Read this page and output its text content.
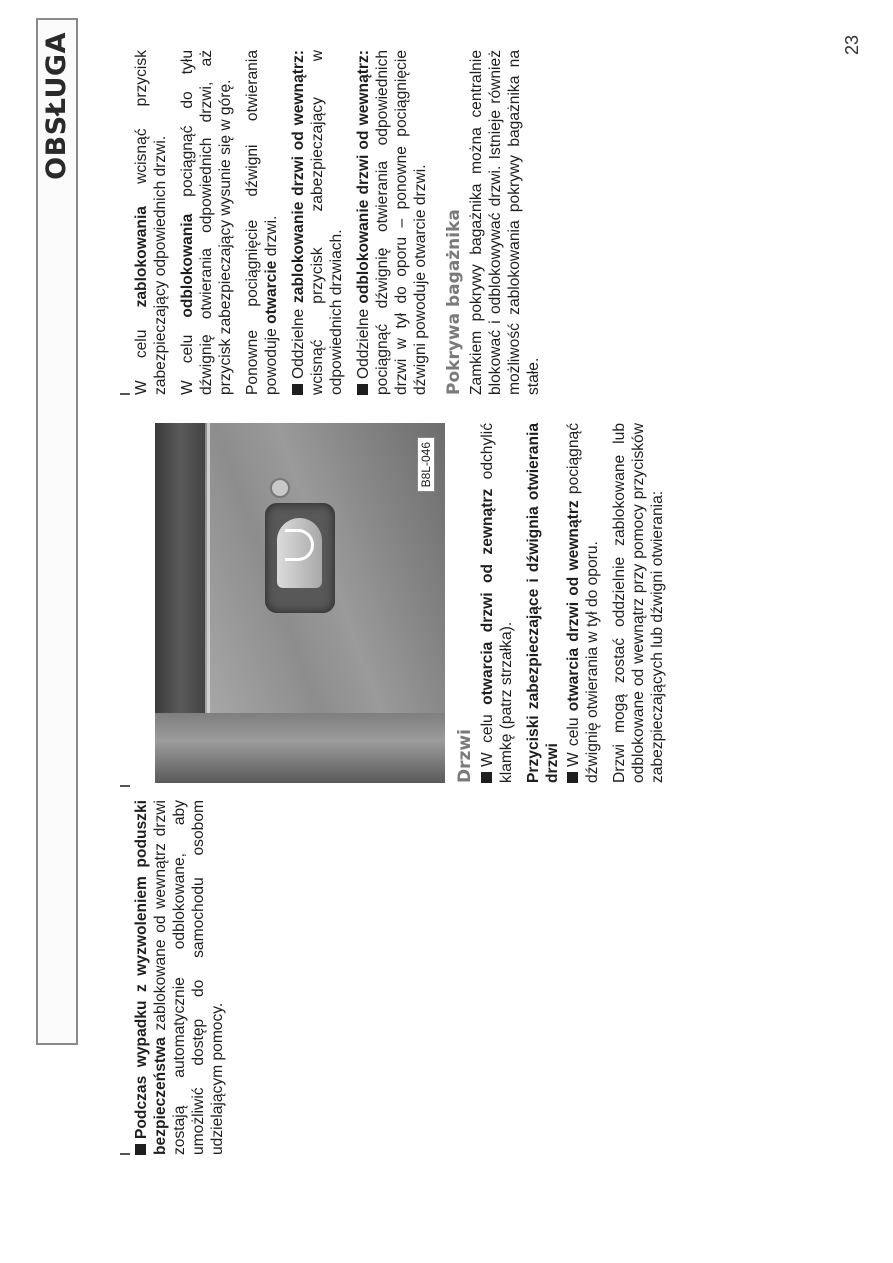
OBSŁUGA

Podczas wypadku z wyzwoleniem poduszki bezpieczeństwa zablokowane od wewnątrz drzwi zostają automatycznie odblokowane, aby umożliwić dostęp do samochodu osobom udzielającym pomocy.

B8L-046
Drzwi W celu otwarcia drzwi od zewnątrz odchylić klamkę (patrz strzałka). Przyciski zabezpieczające i dźwignia otwierania drzwi W celu otwarcia drzwi od wewnątrz pociągnąć dźwignię otwierania w tył do oporu. Drzwi mogą zostać oddzielnie zablokowane lub odblokowane od wewnątrz przy pomocy przycisków zabezpieczających lub dźwigni otwierania:

W celu zablokowania wcisnąć przycisk zabezpieczający odpowiednich drzwi. W celu odblokowania pociągnąć do tyłu dźwignię otwierania odpowiednich drzwi, aż przycisk zabezpieczający wysunie się w górę. Ponowne pociągnięcie dźwigni otwierania powoduje otwarcie drzwi.

Oddzielne zablokowanie drzwi od wewnątrz: wcisnąć przycisk zabezpieczający w odpowiednich drzwiach. Oddzielne odblokowanie drzwi od wewnątrz: pociągnąć dźwignię otwierania odpowiednich drzwi w tył do oporu – ponowne pociągnięcie dźwigni powoduje otwarcie drzwi. Pokrywa bagażnika Zamkiem pokrywy bagażnika można centralnie blokować i odblokowywać drzwi. Istnieje również możliwość zablokowania pokrywy bagażnika na stałe.

23
